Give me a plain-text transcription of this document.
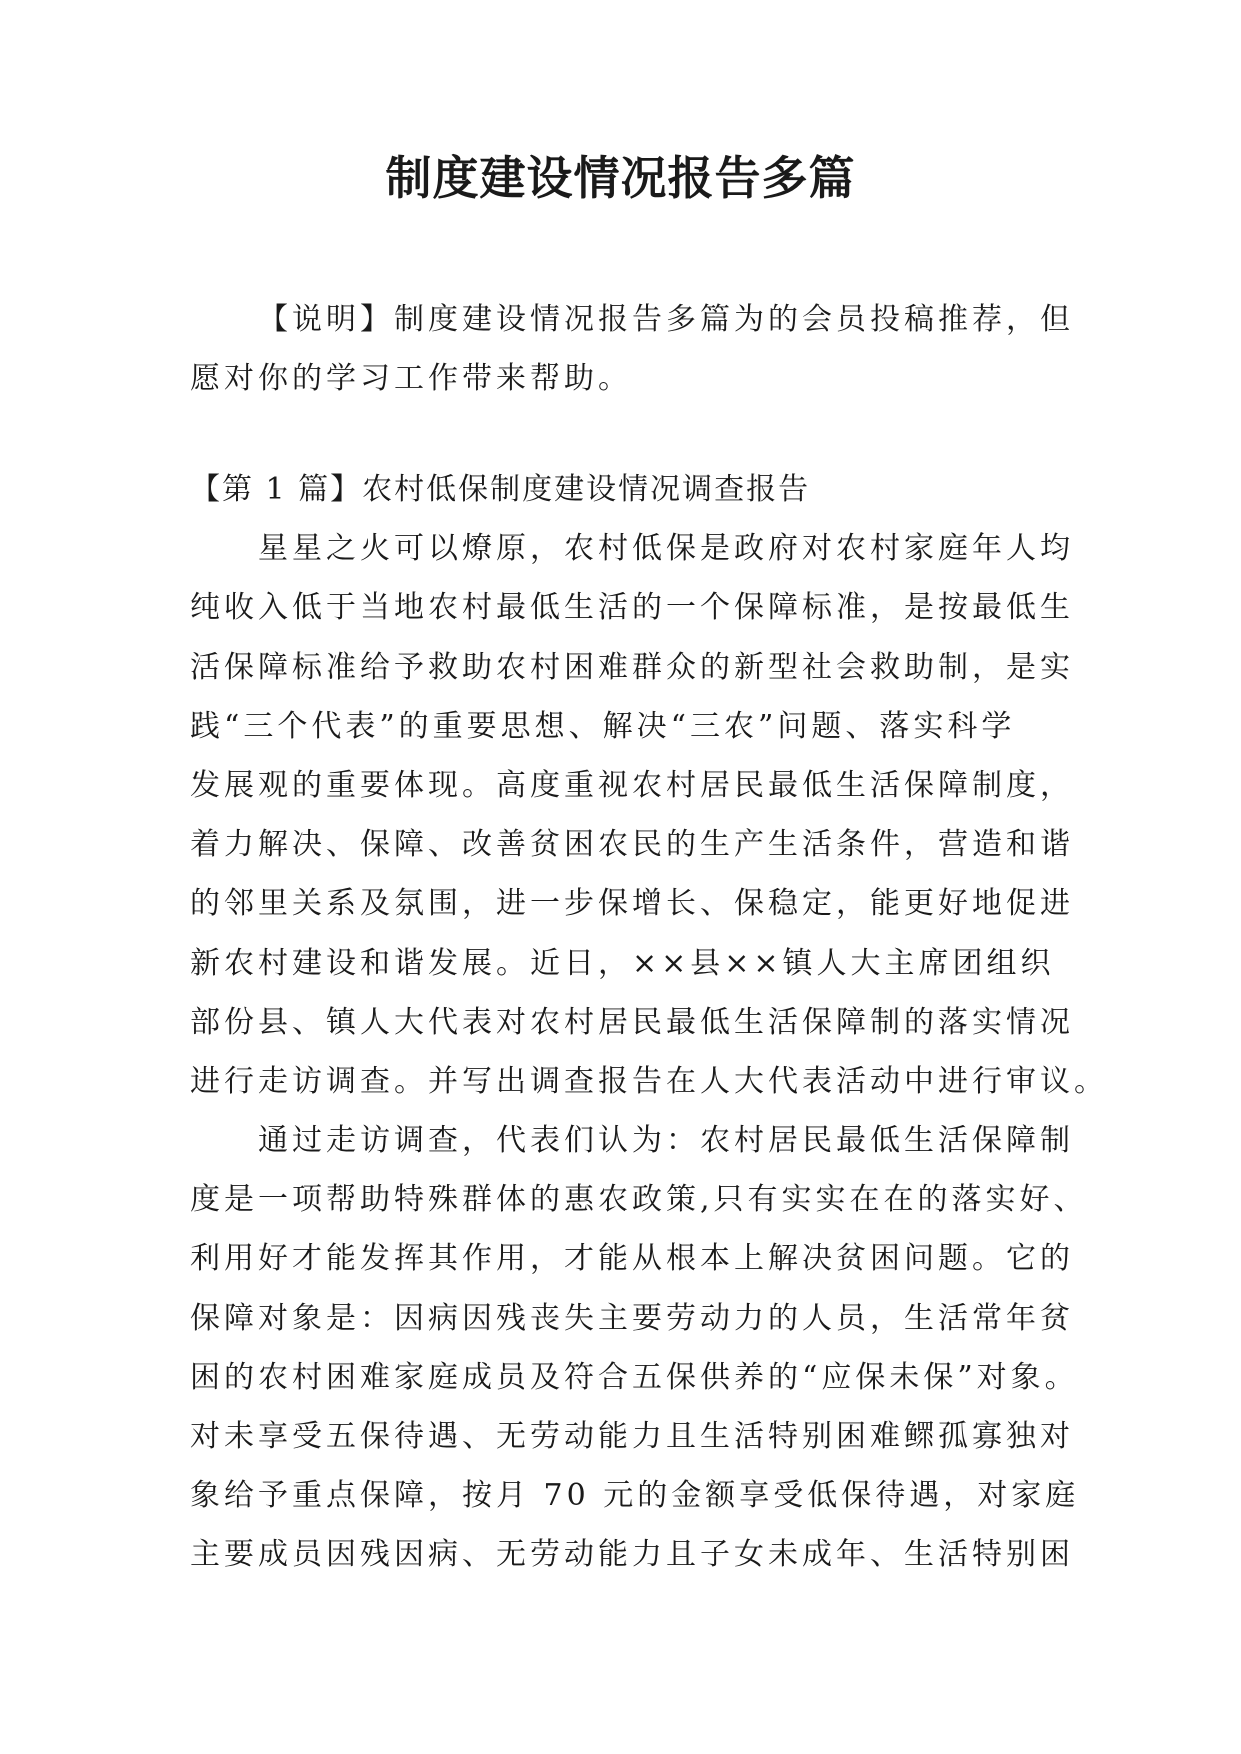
制度建设情况报告多篇
【说明】制度建设情况报告多篇为的会员投稿推荐，但
愿对你的学习工作带来帮助。
【第 1 篇】农村低保制度建设情况调查报告
星星之火可以燎原，农村低保是政府对农村家庭年人均
纯收入低于当地农村最低生活的一个保障标准，是按最低生
活保障标准给予救助农村困难群众的新型社会救助制，是实
践“三个代表”的重要思想、解决“三农”问题、落实科学
发展观的重要体现。高度重视农村居民最低生活保障制度，
着力解决、保障、改善贫困农民的生产生活条件，营造和谐
的邻里关系及氛围，进一步保增长、保稳定，能更好地促进
新农村建设和谐发展。近日，××县××镇人大主席团组织
部份县、镇人大代表对农村居民最低生活保障制的落实情况
进行走访调查。并写出调查报告在人大代表活动中进行审议。
通过走访调查，代表们认为：农村居民最低生活保障制
度是一项帮助特殊群体的惠农政策,只有实实在在的落实好、
利用好才能发挥其作用，才能从根本上解决贫困问题。它的
保障对象是：因病因残丧失主要劳动力的人员，生活常年贫
困的农村困难家庭成员及符合五保供养的“应保未保”对象。
对未享受五保待遇、无劳动能力且生活特别困难鳏孤寡独对
象给予重点保障，按月 70 元的金额享受低保待遇，对家庭
主要成员因残因病、无劳动能力且子女未成年、生活特别困
